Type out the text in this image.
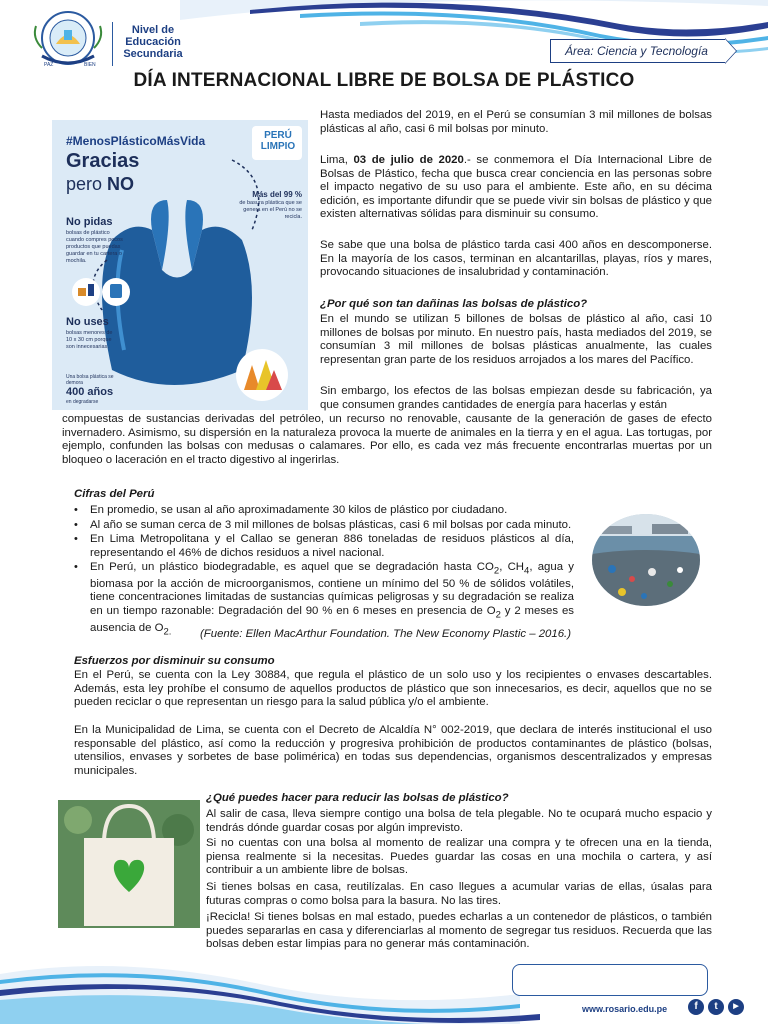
PAZ	BIEN
Nivel de
Educación
Secundaria	Área: Ciencia y Tecnología
DÍA INTERNACIONAL LIBRE DE BOLSA DE PLÁSTICO
#MenosPlásticoMásVida	PERÚ
LIMPIO
Gracias
pero NO
Más del 99 %
de basura plástica que se genera en el Perú no se recicla.
No pidas
bolsas de plástico cuando compres pocos productos que puedas guardar en tu cartera o mochila.
No uses
bolsas menores de 10 x 30 cm porque son innecesarias.
Una bolsa plástica se demora
400 años
en degradarse
Hasta mediados del 2019, en el Perú se consumían 3 mil millones de bolsas plásticas al año, casi 6 mil bolsas por minuto.
Lima, 03 de julio de 2020.- se conmemora el Día Internacional Libre de Bolsas de Plástico, fecha que busca crear conciencia en las personas sobre el impacto negativo de su uso para el ambiente. Este año, en su décima edición, es importante difundir que se puede vivir sin bolsas de plástico y que existen alternativas sólidas para disminuir su consumo.
Se sabe que una bolsa de plástico tarda casi 400 años en descomponerse. En la mayoría de los casos, terminan en alcantarillas, playas, ríos y mares, provocando situaciones de insalubridad y contaminación.
¿Por qué son tan dañinas las bolsas de plástico?
En el mundo se utilizan 5 billones de bolsas de plástico al año, casi 10 millones de bolsas por minuto. En nuestro país, hasta mediados del 2019, se consumían 3 mil millones de bolsas plásticas anualmente, las cuales representan gran parte de los residuos arrojados a los mares del Pacífico.
Sin embargo, los efectos de las bolsas empiezan desde su fabricación, ya que consumen grandes cantidades de energía para hacerlas y están
compuestas de sustancias derivadas del petróleo, un recurso no renovable, causante de la generación de gases de efecto invernadero. Asimismo, su dispersión en la naturaleza provoca la muerte de animales en la tierra y en el agua. Las tortugas, por ejemplo, confunden las bolsas con medusas o calamares. Por ello, es cada vez más frecuente encontrarlas muertas por un bloqueo o laceración en el tracto digestivo al ingerirlas.
Cifras del Perú
• En promedio, se usan al año aproximadamente 30 kilos de plástico por ciudadano.
• Al año se suman cerca de 3 mil millones de bolsas plásticas, casi 6 mil bolsas por cada minuto.
• En Lima Metropolitana y el Callao se generan 886 toneladas de residuos plásticos al día, representando el 46% de dichos residuos a nivel nacional.
• En Perú, un plástico biodegradable, es aquel que se degradación hasta $CO_2$, $CH_4$, agua y biomasa por la acción de microorganismos, contiene un mínimo del 50 % de sólidos volátiles, tiene concentraciones limitadas de sustancias químicas peligrosas y su degradación se realiza en un tiempo razonable: Degradación del 90 % en 6 meses en presencia de $O_2$ y 2 meses es ausencia de $O_{2.}$	(Fuente: Ellen MacArthur Foundation. The New Economy Plastic – 2016.)
Esfuerzos por disminuir su consumo
En el Perú, se cuenta con la Ley 30884, que regula el plástico de un solo uso y los recipientes o envases descartables. Además, esta ley prohíbe el consumo de aquellos productos de plástico que son innecesarios, es decir, aquellos que no se pueden reciclar o que representan un riesgo para la salud pública y/o el ambiente.
En la Municipalidad de Lima, se cuenta con el Decreto de Alcaldía N° 002-2019, que declara de interés institucional el uso responsable del plástico, así como la reducción y progresiva prohibición de productos contaminantes de plástico (bolsas, utensilios, envases y sorbetes de base polimérica) en todas sus dependencias, organismos descentralizados y empresas municipales.
¿Qué puedes hacer para reducir las bolsas de plástico?
Al salir de casa, lleva siempre contigo una bolsa de tela plegable. No te ocupará mucho espacio y tendrás dónde guardar cosas por algún imprevisto.
Si no cuentas con una bolsa al momento de realizar una compra y te ofrecen una en la tienda, piensa realmente si la necesitas. Puedes guardar las cosas en una mochila o cartera, y así contribuir a un ambiente libre de bolsas.
Si tienes bolsas en casa, reutilízalas. En caso llegues a acumular varias de ellas, úsalas para futuras compras o como bolsa para la basura. No las tires.
¡Recicla! Si tienes bolsas en mal estado, puedes echarlas a un contenedor de plásticos, o también puedes separarlas en casa y diferenciarlas al momento de segregar tus residuos. Recuerda que las bolsas deben estar limpias para no generar más contaminación.
www.rosario.edu.pe	f	t	▶
